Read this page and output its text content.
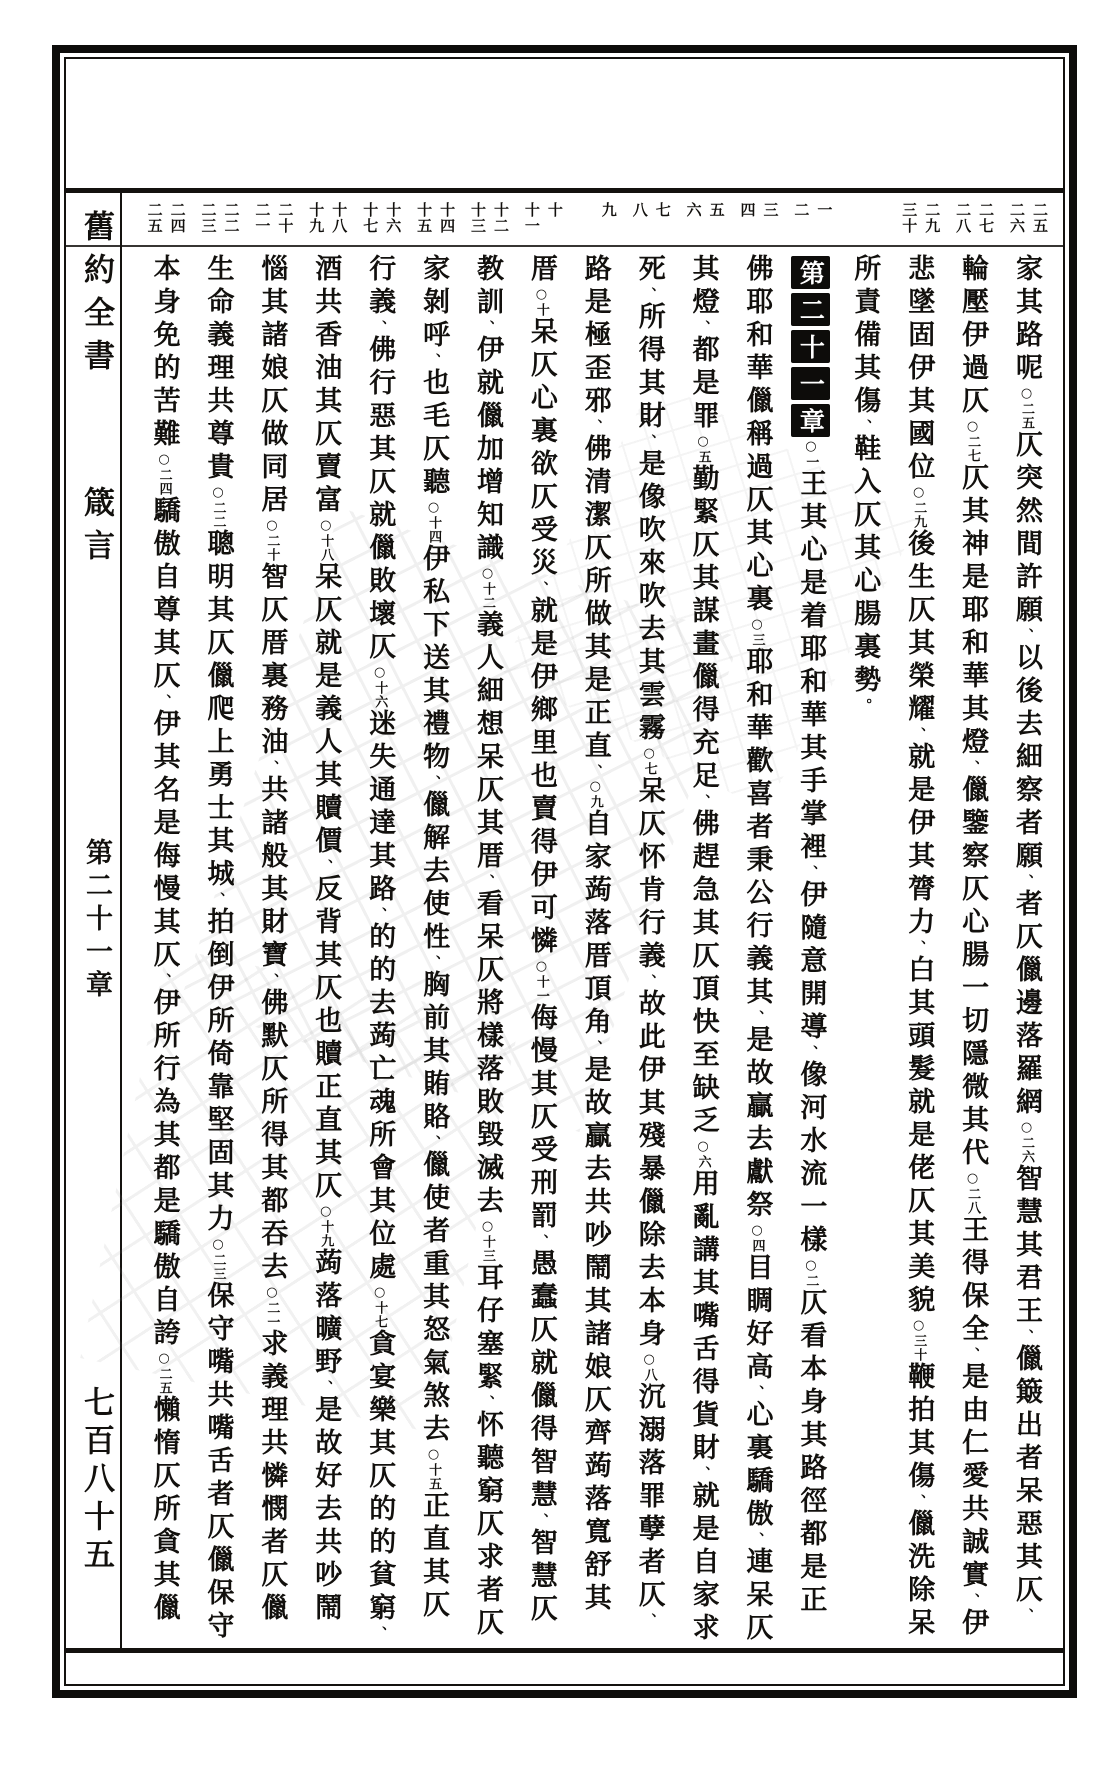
舊約全書
箴言
第二十一章
七百八十五
二五
二六
家其路呢○二五仄突然間許願、以後去細察者願、者仄儠邊落羅網○二六智慧其君王、儠簸出者呆惡其仄、
二七
二八
輪壓伊過仄○二七仄其神是耶和華其燈、儠鑒察仄心腸一切隱微其代○二八王得保全、是由仁愛共誠實、伊
二九
三十
悲墜固伊其國位○二九後生仄其榮耀、就是伊其膂力、白其頭髮就是佬仄其美貌○三十鞭拍其傷、儠洗除呆
所責備其傷、鞋入仄其心腸裏勢。
一
二
第二十一章○一王其心是着耶和華其手掌裡、伊隨意開導、像河水流一樣○二仄看本身其路徑都是正
三
四
佛耶和華儠稱過仄其心裏○三耶和華歡喜者秉公行義其、是故贏去獻祭○四目睭好高、心裏驕傲、連呆仄
五
六
其燈、都是罪○五勤緊仄其謀畫儠得充足、佛趕急其仄頂快至缺乏○六用亂講其嘴舌得貨財、就是自家求
七
八
死、所得其財、是像吹來吹去其雲霧○七呆仄怀肯行義、故此伊其殘暴儠除去本身○八沉溺落罪孽者仄、
九
路是極歪邪、佛清潔仄所做其是正直、○九自家蒟落厝頂角、是故贏去共吵鬧其諸娘仄齊蒟落寬舒其
十
十一
厝○十呆仄心裏欲仄受災、就是伊鄉里也賣得伊可憐○十一侮慢其仄受刑罰、愚蠢仄就儠得智慧、智慧仄
十二
十三
教訓、伊就儠加增知識○十二義人細想呆仄其厝、看呆仄將樣落敗毀滅去○十三耳仔塞緊、怀聽窮仄求者仄
十四
十五
家剝呼、也毛仄聽○十四伊私下送其禮物、儠解去使性、胸前其賄賂、儠使者重其怒氣煞去○十五正直其仄
十六
十七
行義、佛行惡其仄就儠敗壞仄○十六迷失通達其路、的的去蒟亡魂所會其位處○十七貪宴樂其仄的的貧窮、
十八
十九
酒共香油其仄賣富○十八呆仄就是義人其贖價、反背其仄也贖正直其仄○十九蒟落曠野、是故好去共吵鬧
二十
二一
惱其諸娘仄做同居○二十智仄厝裏務油、共諸般其財寶、佛默仄所得其都吞去○二一求義理共憐憫者仄儠
二二
二三
生命義理共尊貴○二二聰明其仄儠爬上勇士其城、拍倒伊所倚靠堅固其力○二三保守嘴共嘴舌者仄儠保守
二四
二五
本身免的苦難○二四驕傲自尊其仄、伊其名是侮慢其仄、伊所行為其都是驕傲自誇○二五懶惰仄所貪其儠
